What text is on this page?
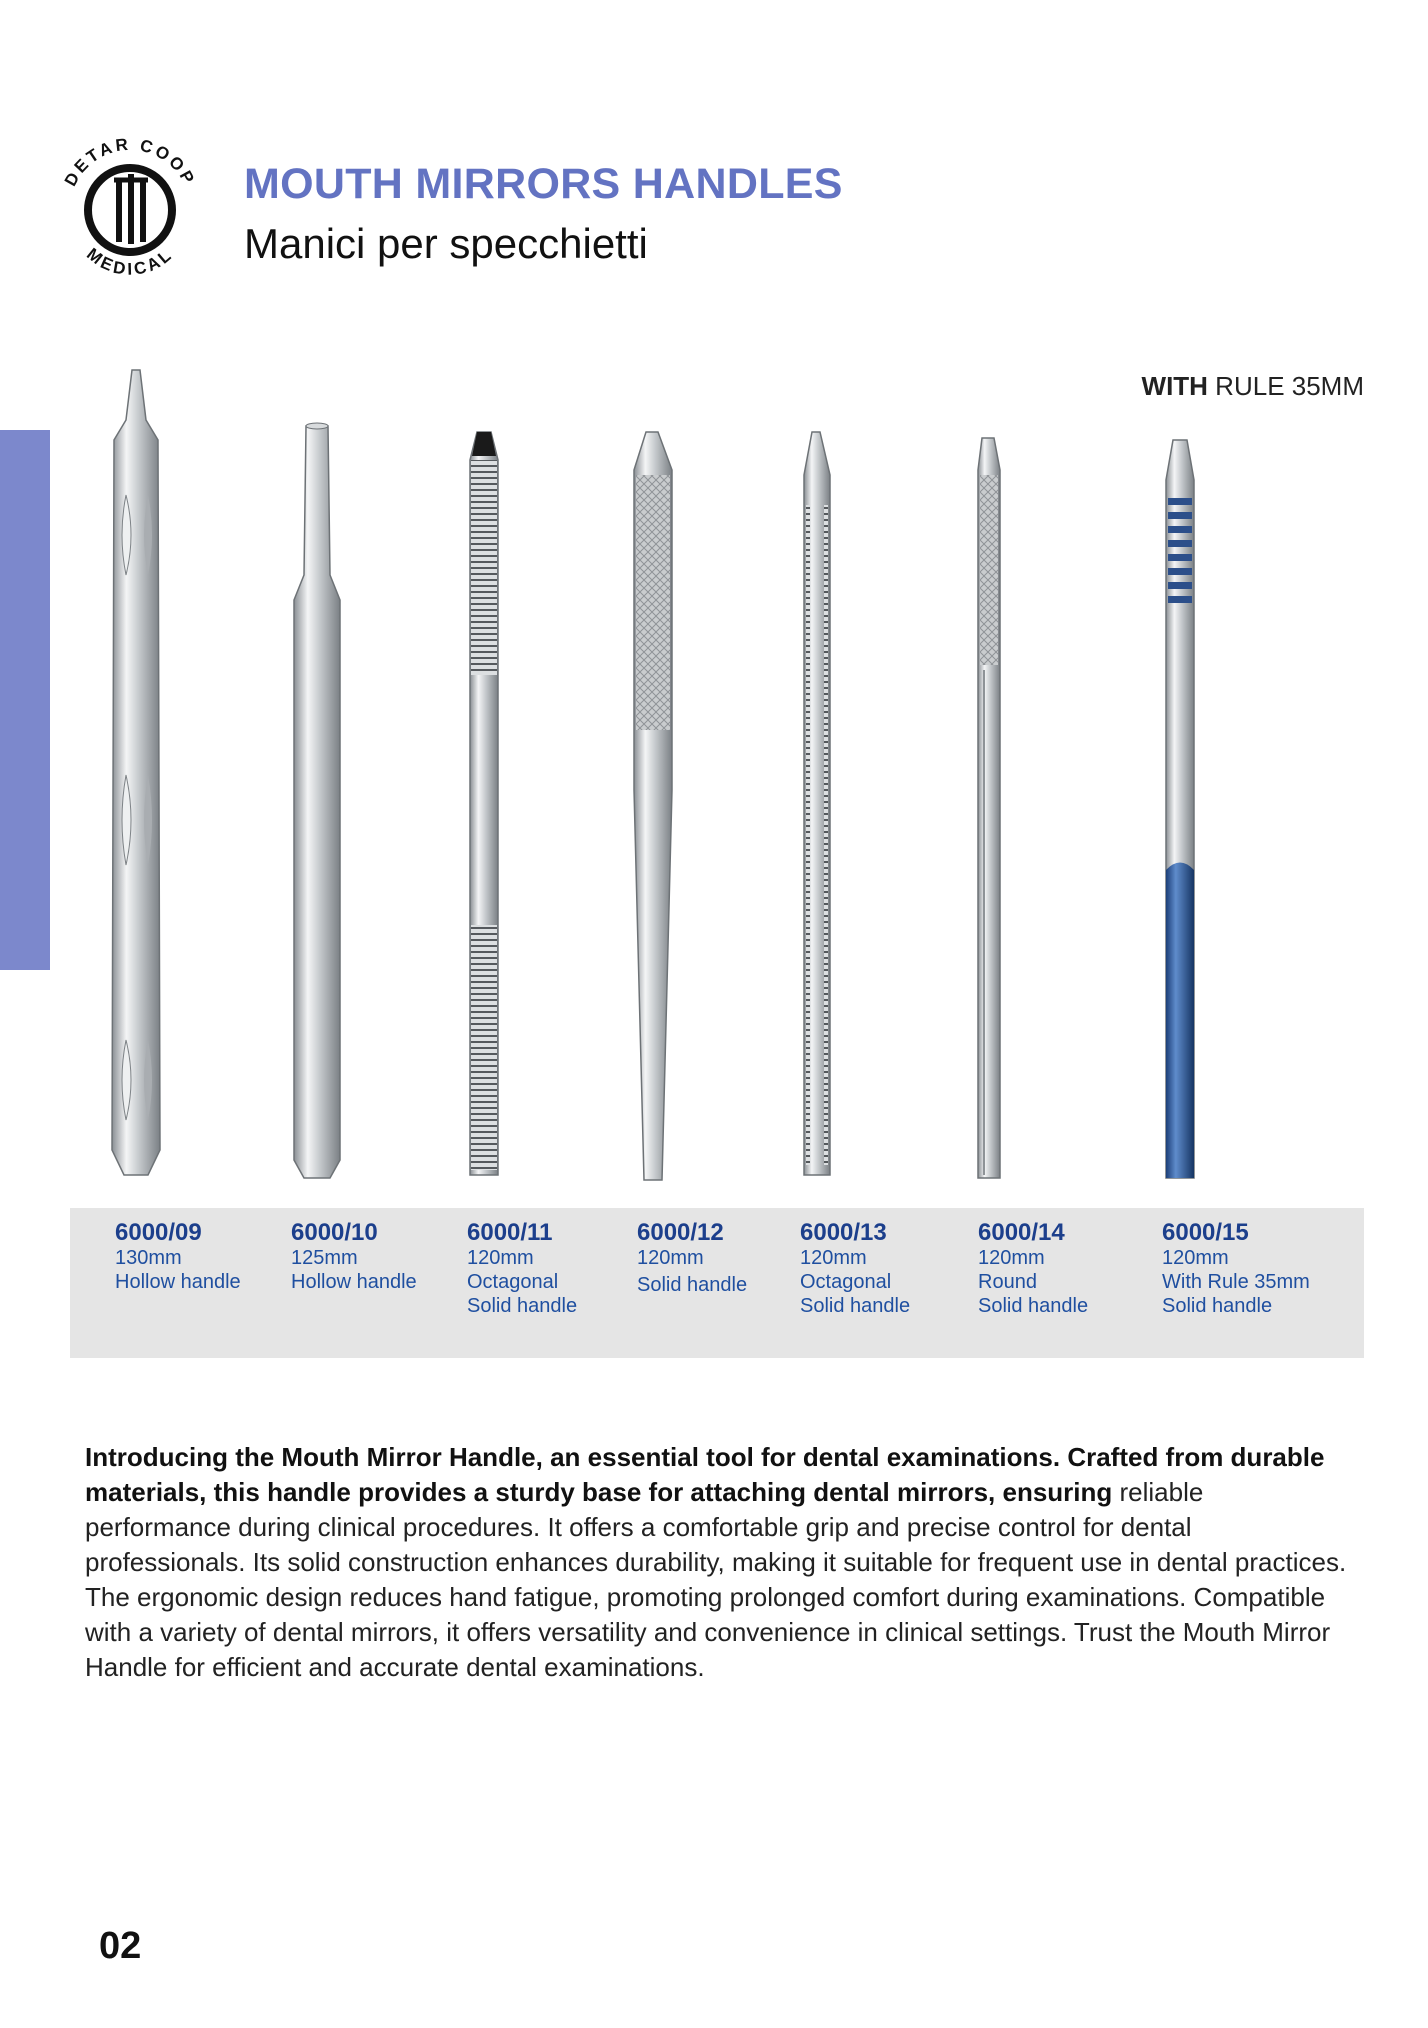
DETAR COOP
MEDICAL
MOUTH MIRRORS HANDLES
Manici per specchietti
WITH RULE 35MM
6000/09
130mm
Hollow handle
6000/10
125mm
Hollow handle
6000/11
120mm
Octagonal
Solid handle
6000/12
120mm
Solid handle
6000/13
120mm
Octagonal
Solid handle
6000/14
120mm
Round
Solid handle
6000/15
120mm
With Rule 35mm
Solid handle
Introducing the Mouth Mirror Handle, an essential tool for dental examinations. Crafted from durable materials, this handle provides a sturdy base for attaching dental mirrors, ensuring reliable performance during clinical procedures. It offers a comfortable grip and precise control for dental professionals. Its solid construction enhances durability, making it suitable for frequent use in dental practices. The ergonomic design reduces hand fatigue, promoting prolonged comfort during examinations. Compatible with a variety of dental mirrors, it offers versatility and convenience in clinical settings. Trust the Mouth Mirror Handle for efficient and accurate dental examinations.
02
